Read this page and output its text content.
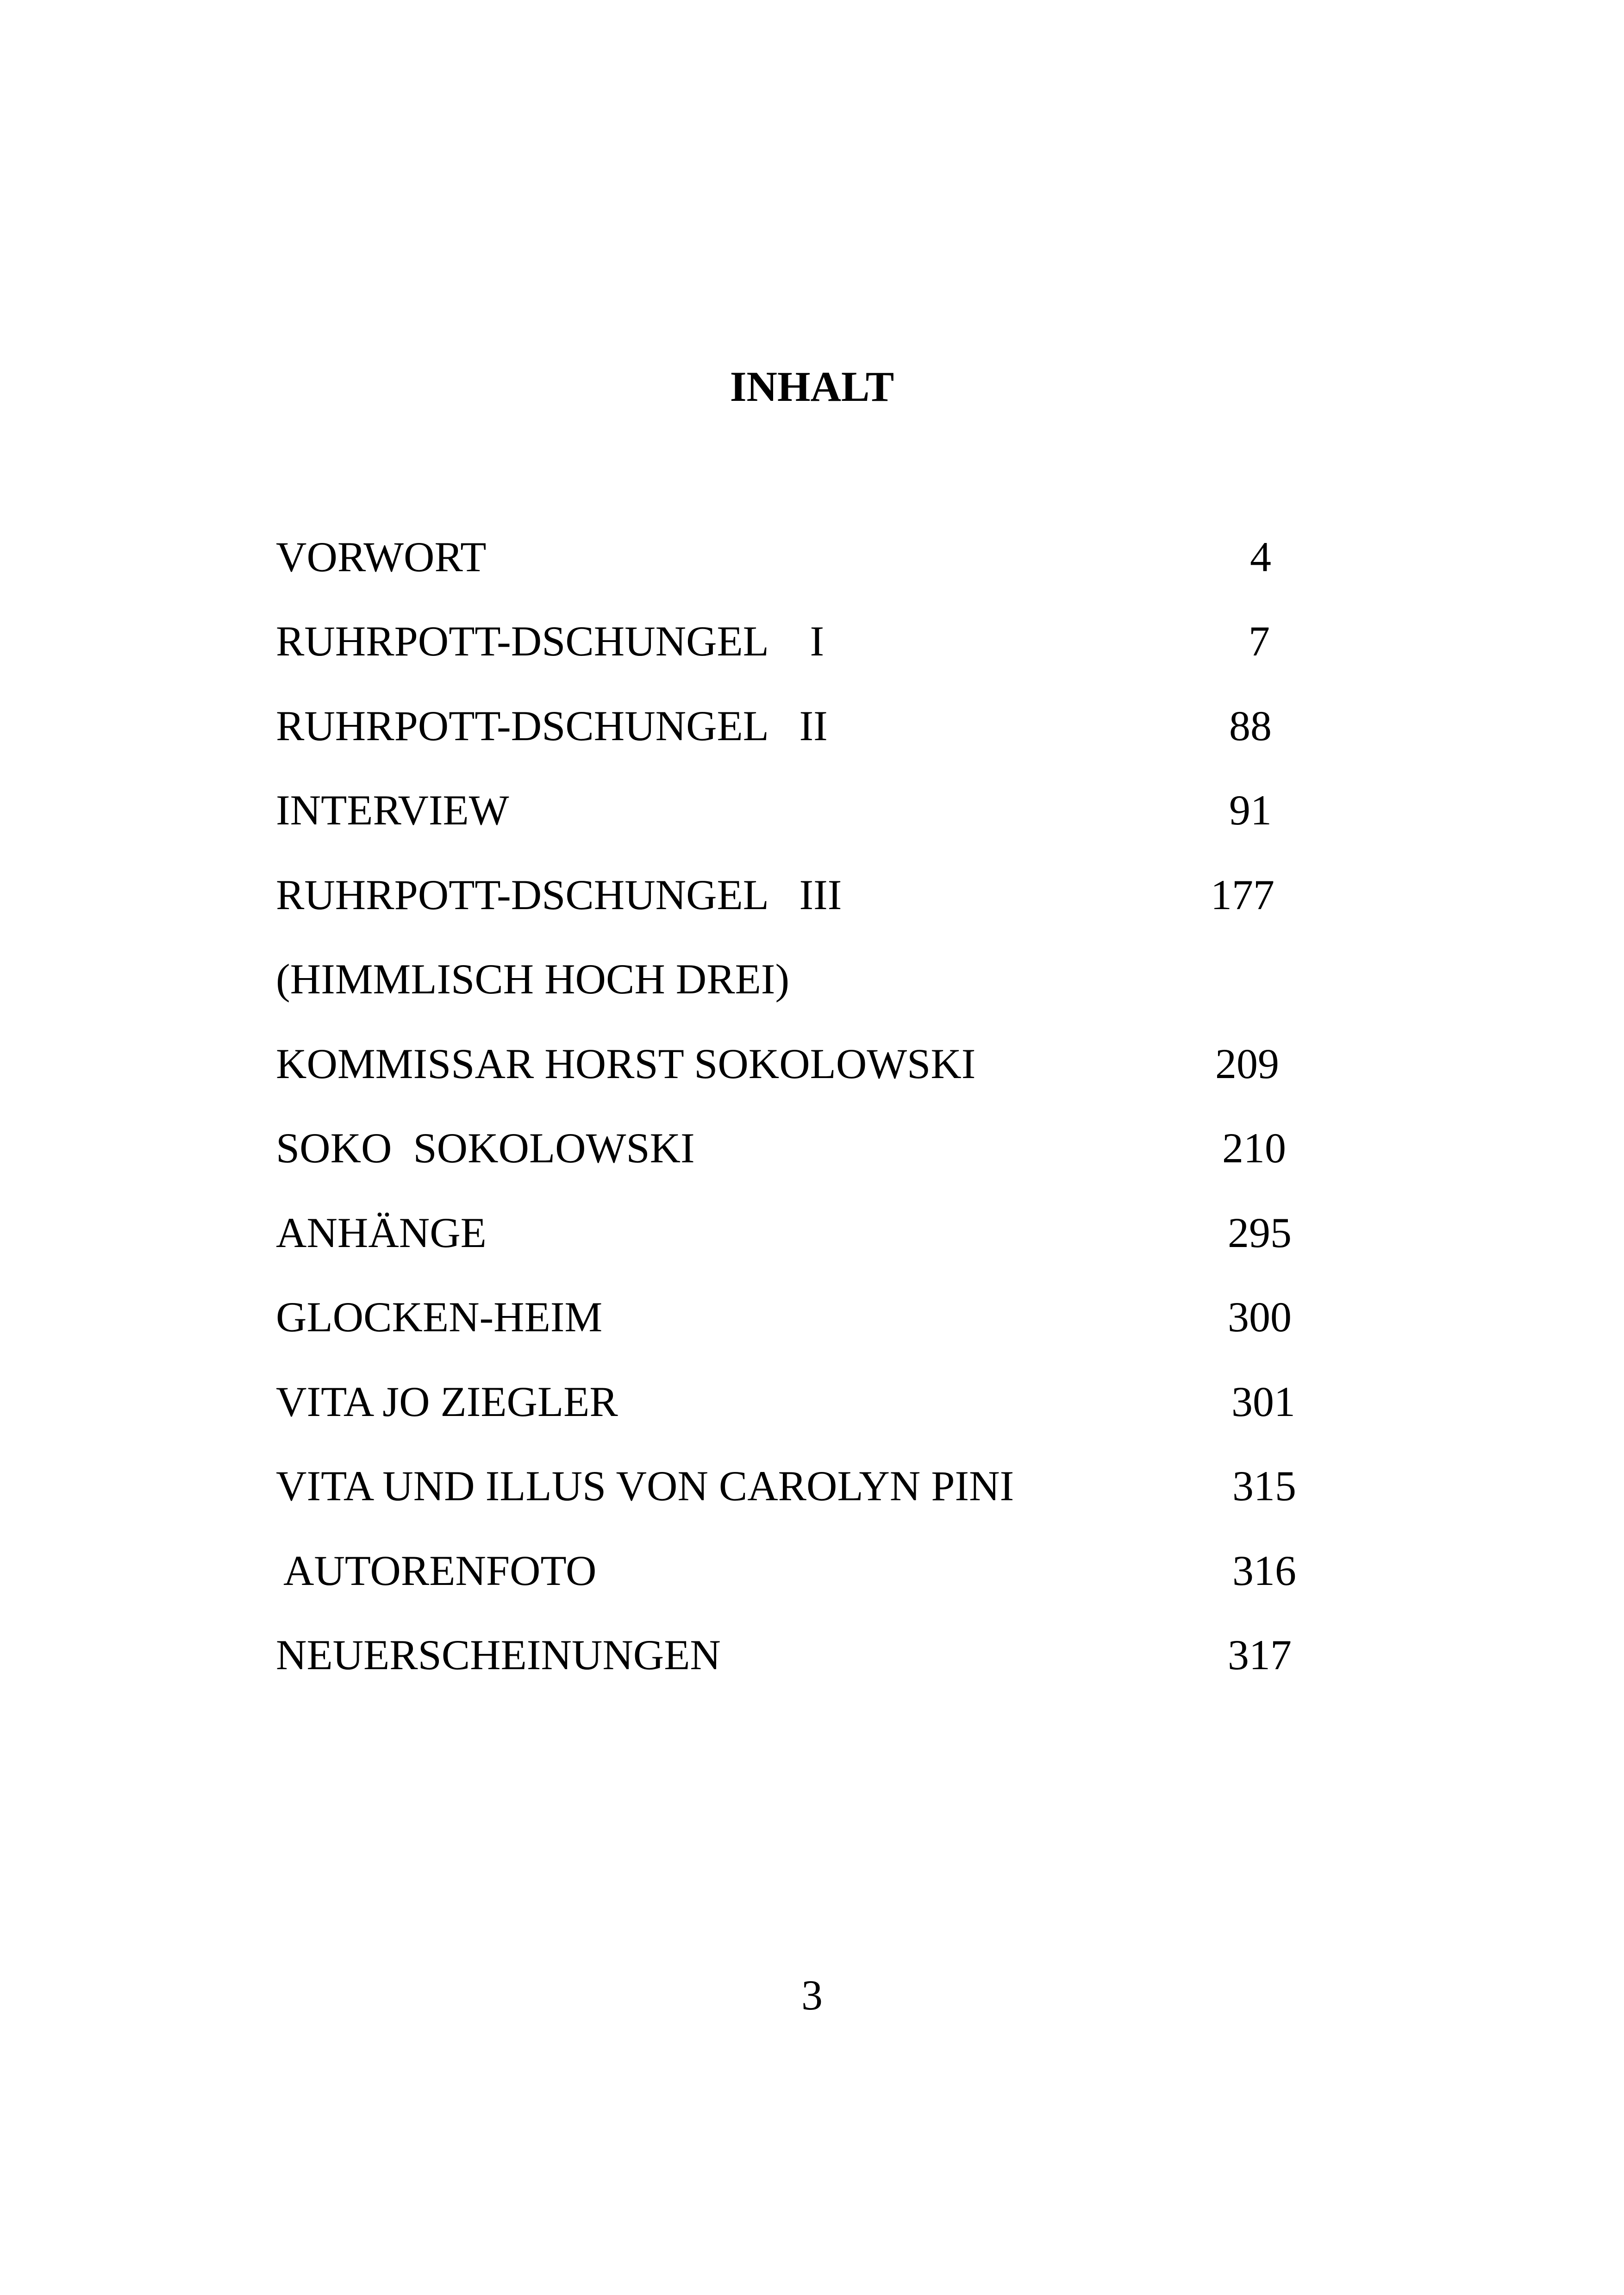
INHALT
VORWORT	4
RUHRPOTT-DSCHUNGEL    I	7
RUHRPOTT-DSCHUNGEL   II	88
INTERVIEW	91
RUHRPOTT-DSCHUNGEL   III	177
(HIMMLISCH HOCH DREI)
KOMMISSAR HORST SOKOLOWSKI	209
SOKO  SOKOLOWSKI	210
ANHÄNGE	295
GLOCKEN-HEIM	300
VITA JO ZIEGLER	301
VITA UND ILLUS VON CAROLYN PINI	315
AUTORENFOTO	316
NEUERSCHEINUNGEN	317
3
